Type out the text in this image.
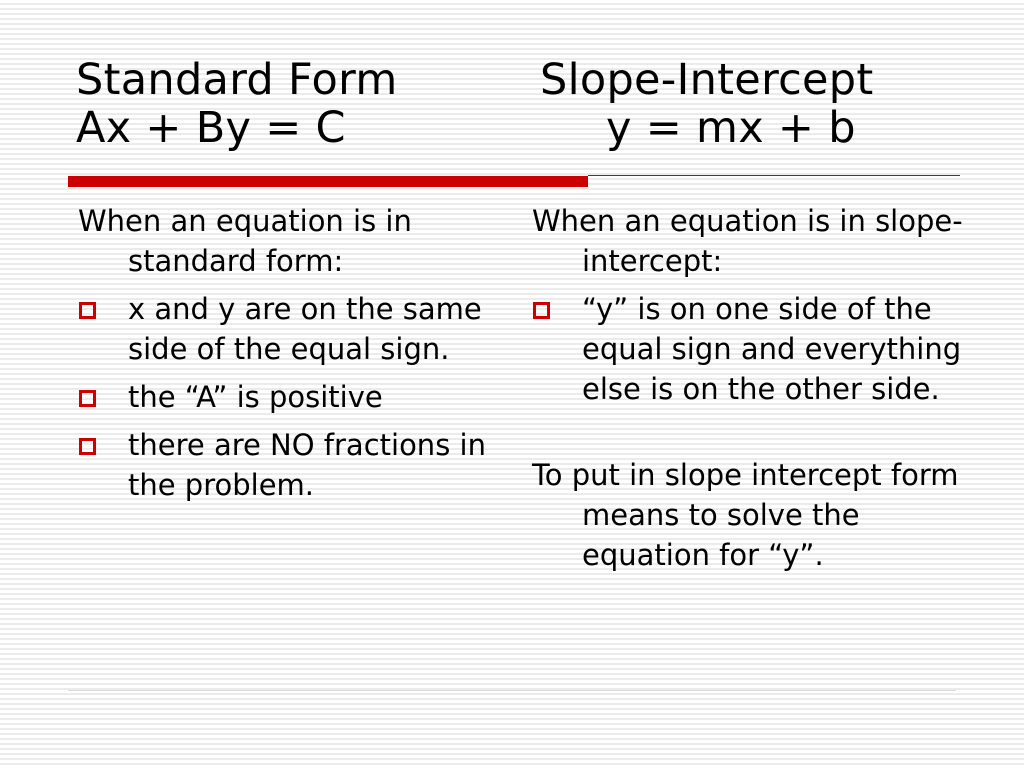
Standard Form
Ax + By = C
Slope-Intercept
y = mx + b

When an equation is in standard form:

x and y are on the same side of the equal sign.
the “A” is positive
there are NO fractions in the problem.

When an equation is in slope-intercept:

“y” is on one side of the equal sign and everything else is on the other side.

To put in slope intercept form means to solve the equation for “y”.
